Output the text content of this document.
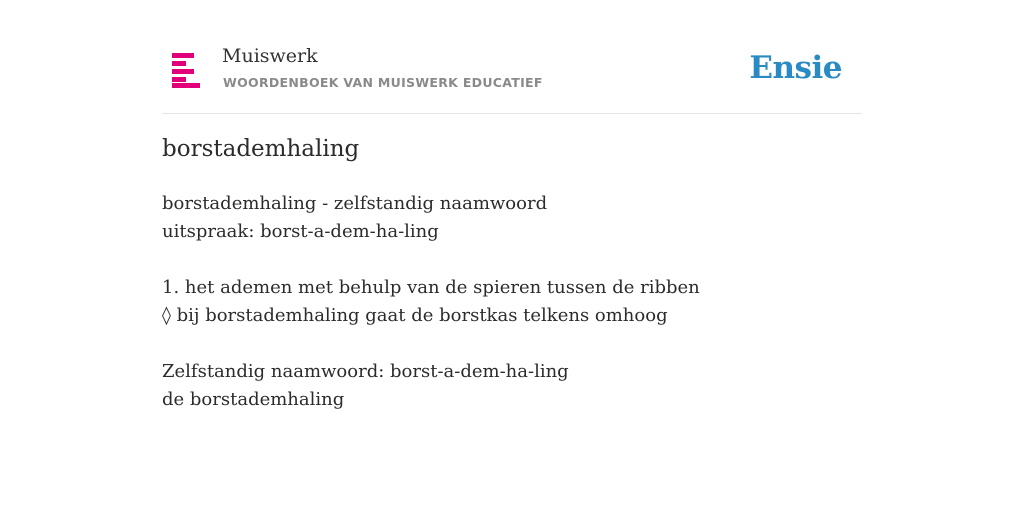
Muiswerk
WOORDENBOEK VAN MUISWERK EDUCATIEF	Ensie
borstademhaling
borstademhaling - zelfstandig naamwoord
uitspraak: borst-a-dem-ha-ling
1. het ademen met behulp van de spieren tussen de ribben
◊ bij borstademhaling gaat de borstkas telkens omhoog
Zelfstandig naamwoord: borst-a-dem-ha-ling
de borstademhaling
